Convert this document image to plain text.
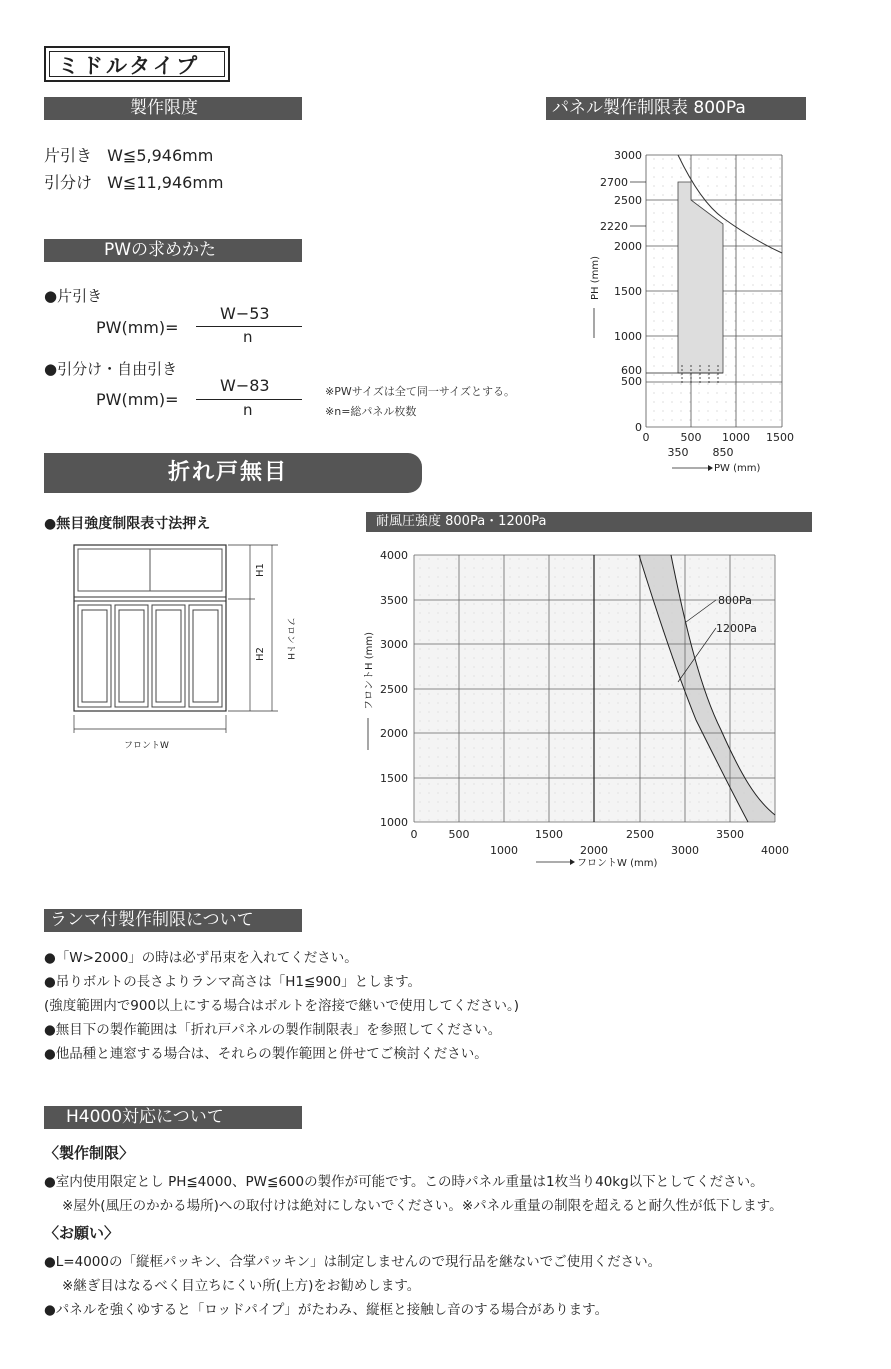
ミドルタイプ
製作限度
片引き W≦5,946mm
引分け W≦11,946mm
PWの求めかた
●片引き
PW(mm)=
W−53
n
●引分け・自由引き
PW(mm)=
W−83
n
※PWサイズは全て同一サイズとする。
※n=総パネル枚数
パネル製作制限表 800Pa
3000
2700
2500
2220
2000
1500
1000
600
500
0
0	500 1000 1500
350 850
PW (mm)
PH (mm)
折れ戸無目
●無目強度制限表寸法押え
H1
H2 フロントH
フロントW
耐風圧強度 800Pa・1200Pa
800Pa
1200Pa
4000
3500
3000
2500
2000
1500
1000
0	500	1500	2500	3500
1000	2000	3000	4000
フロントW (mm)
フロントH (mm)
ランマ付製作制限について
●「W>2000」の時は必ず吊束を入れてください。
●吊りボルトの長さよりランマ高さは「H1≦900」とします。
(強度範囲内で900以上にする場合はボルトを溶接で継いで使用してください。)
●無目下の製作範囲は「折れ戸パネルの製作制限表」を参照してください。
●他品種と連窓する場合は、それらの製作範囲と併せてご検討ください。
H4000対応について
〈製作制限〉
●室内使用限定とし PH≦4000、PW≦600の製作が可能です。この時パネル重量は1枚当り40kg以下としてください。
※屋外(風圧のかかる場所)への取付けは絶対にしないでください。※パネル重量の制限を超えると耐久性が低下します。
〈お願い〉
●L=4000の「縦框パッキン、合掌パッキン」は制定しませんので現行品を継ないでご使用ください。
※継ぎ目はなるべく目立ちにくい所(上方)をお勧めします。
●パネルを強くゆすると「ロッドパイプ」がたわみ、縦框と接触し音のする場合があります。
